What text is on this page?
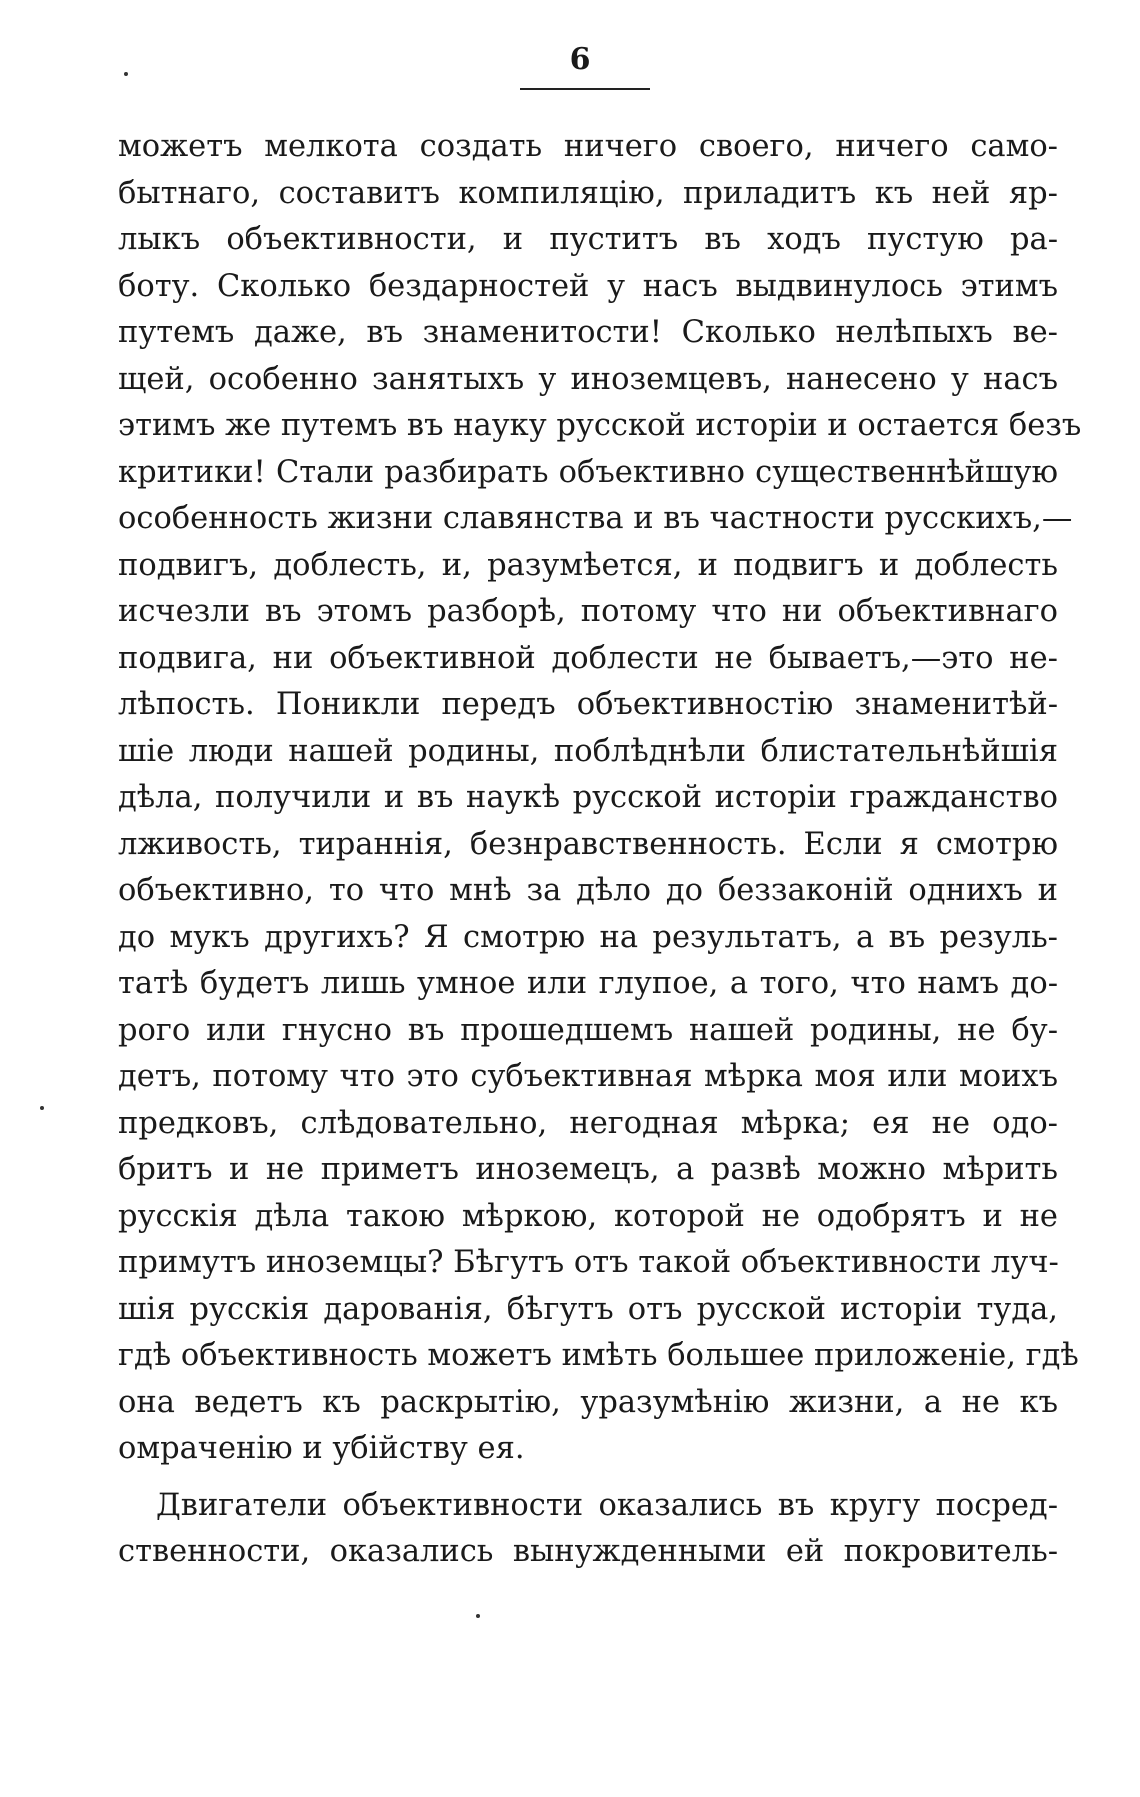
6
можетъ мелкота создать ничего своего, ничего само-
бытнаго, составитъ компиляцію, приладитъ къ ней яр-
лыкъ объективности, и пуститъ въ ходъ пустую ра-
боту. Сколько бездарностей у насъ выдвинулось этимъ
путемъ даже, въ знаменитости! Сколько нелѣпыхъ ве-
щей, особенно занятыхъ у иноземцевъ, нанесено у насъ
этимъ же путемъ въ науку русской исторіи и остается безъ
критики! Стали разбирать объективно существеннѣйшую
особенность жизни славянства и въ частности русскихъ,—
подвигъ, доблесть, и, разумѣется, и подвигъ и доблесть
исчезли въ этомъ разборѣ, потому что ни объективнаго
подвига, ни объективной доблести не бываетъ,—это не-
лѣпость. Поникли передъ объективностію знаменитѣй-
шіе люди нашей родины, поблѣднѣли блистательнѣйшія
дѣла, получили и въ наукѣ русской исторіи гражданство
лживость, тираннія, безнравственность. Если я смотрю
объективно, то что мнѣ за дѣло до беззаконій однихъ и
до мукъ другихъ? Я смотрю на результатъ, а въ резуль-
татѣ будетъ лишь умное или глупое, а того, что намъ до-
рого или гнусно въ прошедшемъ нашей родины, не бу-
детъ, потому что это субъективная мѣрка моя или моихъ
предковъ, слѣдовательно, негодная мѣрка; ея не одо-
бритъ и не приметъ иноземецъ, а развѣ можно мѣрить
русскія дѣла такою мѣркою, которой не одобрятъ и не
примутъ иноземцы? Бѣгутъ отъ такой объективности луч-
шія русскія дарованія, бѣгутъ отъ русской исторіи туда,
гдѣ объективность можетъ имѣть большее приложеніе, гдѣ
она ведетъ къ раскрытію, уразумѣнію жизни, а не къ
омраченію и убійству ея.
Двигатели объективности оказались въ кругу посред-
ственности, оказались вынужденными ей покровитель-
